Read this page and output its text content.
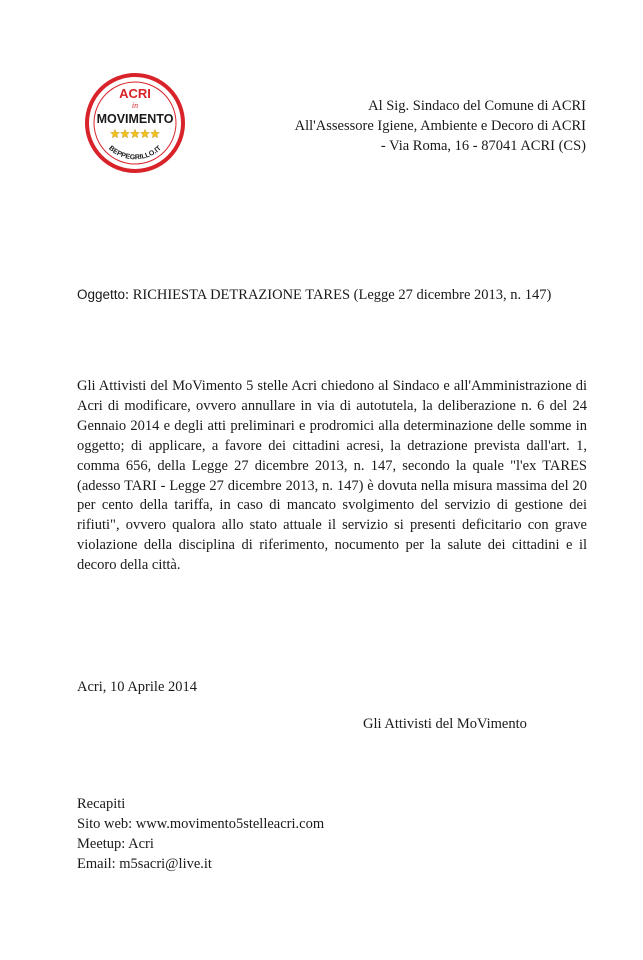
ACRI
in
MOVIMENTO
BEPPEGRILLO.IT
Al Sig. Sindaco del Comune di ACRI
All'Assessore Igiene, Ambiente e Decoro di ACRI
- Via Roma, 16 - 87041 ACRI (CS)
Oggetto: RICHIESTA DETRAZIONE TARES (Legge 27 dicembre 2013, n. 147)
Gli Attivisti del MoVimento 5 stelle Acri chiedono al Sindaco e all'Amministrazione di Acri di modificare, ovvero annullare in via di autotutela, la deliberazione n. 6 del 24 Gennaio 2014 e degli atti preliminari e prodromici alla determinazione delle somme in oggetto; di applicare, a favore dei cittadini acresi, la detrazione prevista dall'art. 1, comma 656, della Legge 27 dicembre 2013, n. 147, secondo la quale "l'ex TARES (adesso TARI - Legge 27 dicembre 2013, n. 147) è dovuta nella misura massima del 20 per cento della tariffa, in caso di mancato svolgimento del servizio di gestione dei rifiuti", ovvero qualora allo stato attuale il servizio si presenti deficitario con grave violazione della disciplina di riferimento, nocumento per la salute dei cittadini e il decoro della città.
Acri, 10 Aprile 2014
Gli Attivisti del MoVimento
Recapiti
Sito web: www.movimento5stelleacri.com
Meetup: Acri
Email: m5sacri@live.it
